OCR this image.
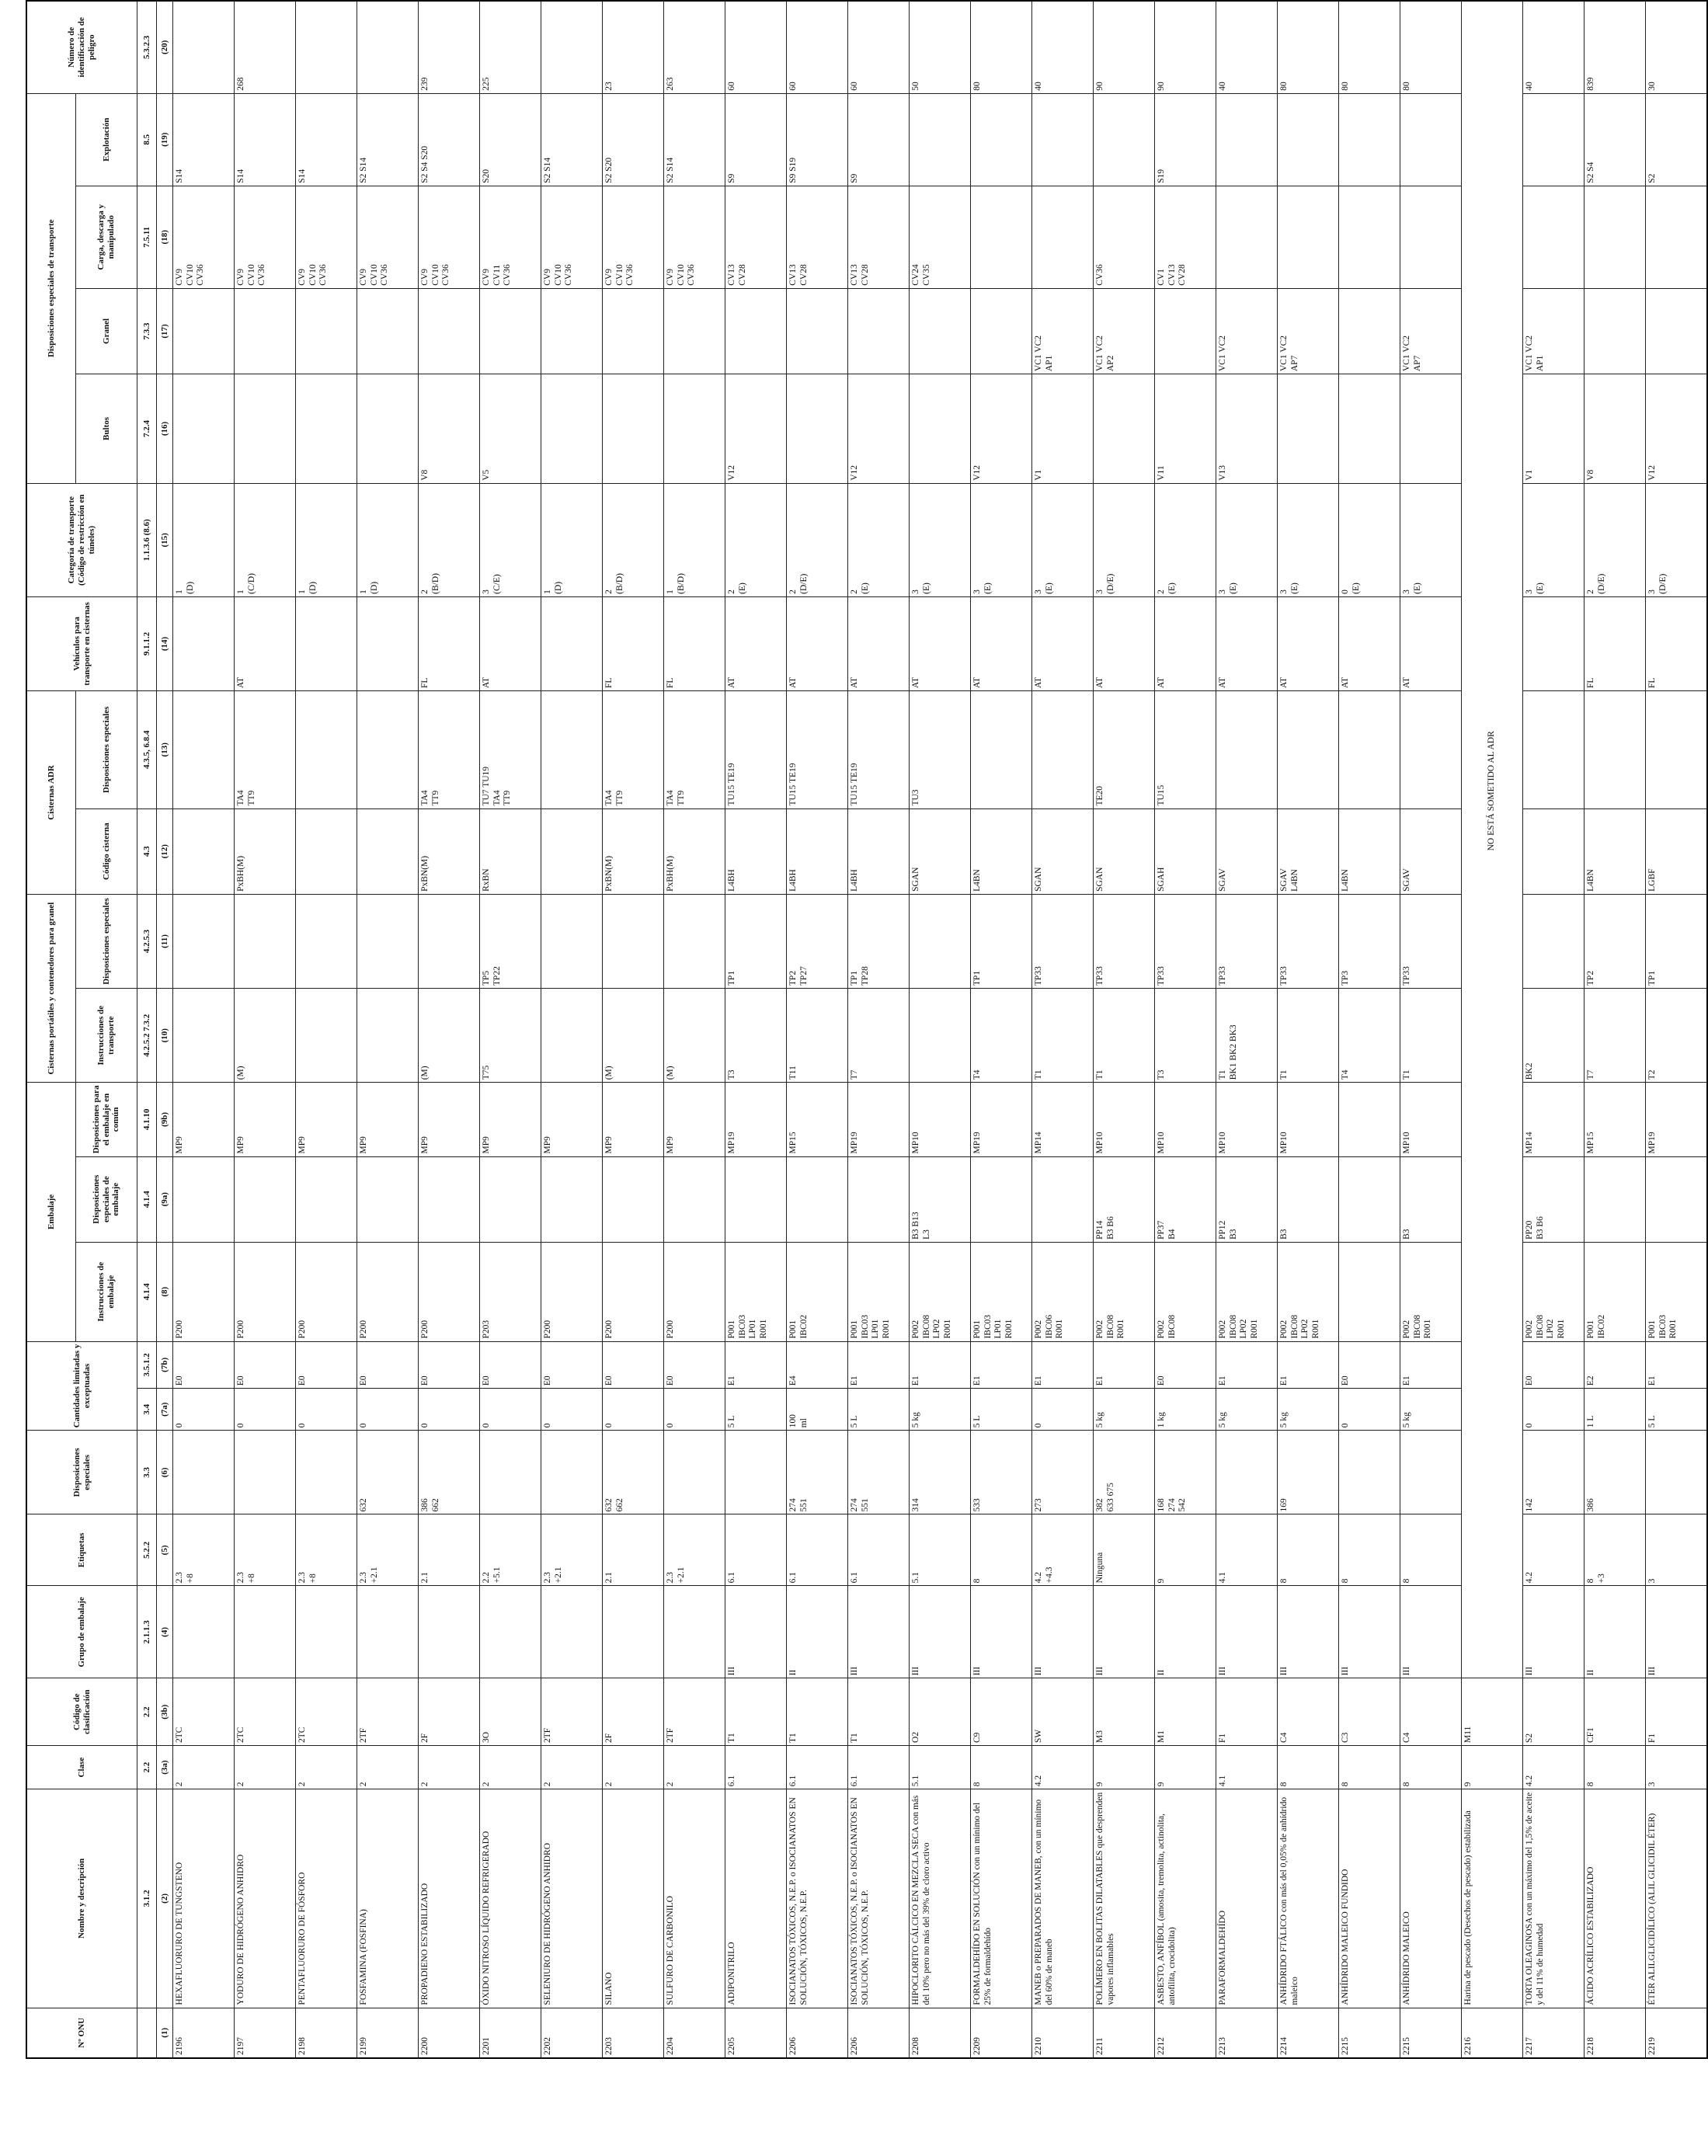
Nº ONU	Nombre y descripción	Clase	Código de clasificación	Grupo de embalaje	Etiquetas	Disposiciones especiales	Cantidades limitadas y exceptuadas		Embalaje			Cisternas portátiles y contenedores para granel		Cisternas ADR		Vehículos para transporte en cisternas	Categoría de transporte (Código de restricción en túneles)	Disposiciones especiales de transporte				Número de identificación de peligro
									Instrucciones de embalaje	Disposiciones especiales de embalaje	Disposiciones para el embalaje en común	Instrucciones de transporte	Disposiciones especiales	Código cisterna	Disposiciones especiales			Bultos	Granel	Carga, descarga y manipulado	Explotación	
	3.1.2	2.2	2.2	2.1.1.3	5.2.2	3.3	3.4	3.5.1.2	4.1.4	4.1.4	4.1.10	4.2.5.2 7.3.2	4.2.5.3	4.3	4.3.5, 6.8.4	9.1.1.2	1.1.3.6 (8.6)	7.2.4	7.3.3	7.5.11	8.5	5.3.2.3
(1)	(2)	(3a)	(3b)	(4)	(5)	(6)	(7a)	(7b)	(8)	(9a)	(9b)	(10)	(11)	(12)	(13)	(14)	(15)	(16)	(17)	(18)	(19)	(20)

2196	HEXAFLUORURO DE TUNGSTENO	2	2TC		2.3 +8		0	E0	P200		MP9						1 (D)			CV9 CV10 CV36	S14	

2197	YODURO DE HIDRÓGENO ANHIDRO	2	2TC		2.3 +8		0	E0	P200		MP9	(M)		PxBH(M)	TA4 TT9	AT	1 (C/D)			CV9 CV10 CV36	S14	268

2198	PENTAFLUORURO DE FÓSFORO	2	2TC		2.3 +8		0	E0	P200		MP9						1 (D)			CV9 CV10 CV36	S14	

2199	FOSFAMINA (FOSFINA)	2	2TF		2.3 +2.1	632	0	E0	P200		MP9						1 (D)			CV9 CV10 CV36	S2 S14	

2200	PROPADIENO ESTABILIZADO	2	2F		2.1	386 662	0	E0	P200		MP9	(M)		PxBN(M)	TA4 TT9	FL	2 (B/D)	V8		CV9 CV10 CV36	S2 S4 S20	239

2201	ÓXIDO NITROSO LÍQUIDO REFRIGERADO	2	3O		2.2 +5.1		0	E0	P203		MP9	T75	TP5 TP22	RxBN	TU7 TU19 TA4 TT9	AT	3 (C/E)	V5		CV9 CV11 CV36	S20	225

2202	SELENIURO DE HIDRÓGENO ANHIDRO	2	2TF		2.3 +2.1		0	E0	P200		MP9						1 (D)			CV9 CV10 CV36	S2 S14	

2203	SILANO	2	2F		2.1	632 662	0	E0	P200		MP9	(M)		PxBN(M)	TA4 TT9	FL	2 (B/D)			CV9 CV10 CV36	S2 S20	23

2204	SULFURO DE CARBONILO	2	2TF		2.3 +2.1		0	E0	P200		MP9	(M)		PxBH(M)	TA4 TT9	FL	1 (B/D)			CV9 CV10 CV36	S2 S14	263

2205	ADIPONITRILO	6.1	T1	III	6.1		5 L	E1	P001 IBC03 LP01 R001		MP19	T3	TP1	L4BH	TU15 TE19	AT	2 (E)	V12		CV13 CV28	S9	60

2206	ISOCIANATOS TÓXICOS, N.E.P. o ISOCIANATOS EN SOLUCIÓN, TÓXICOS, N.E.P.	6.1	T1	II	6.1	274 551	100 ml	E4	P001 IBC02		MP15	T11	TP2 TP27	L4BH	TU15 TE19	AT	2 (D/E)			CV13 CV28	S9 S19	60

2206	ISOCIANATOS TÓXICOS, N.E.P. o ISOCIANATOS EN SOLUCIÓN, TÓXICOS, N.E.P.	6.1	T1	III	6.1	274 551	5 L	E1	P001 IBC03 LP01 R001		MP19	T7	TP1 TP28	L4BH	TU15 TE19	AT	2 (E)	V12		CV13 CV28	S9	60

2208	HIPOCLORITO CÁLCICO EN MEZCLA SECA con más del 10% pero no más del 39% de cloro activo	5.1	O2	III	5.1	314	5 kg	E1	P002 IBC08 LP02 R001	B3 B13 L3	MP10			SGAN	TU3	AT	3 (E)			CV24 CV35		50

2209	FORMALDEHÍDO EN SOLUCIÓN con un mínimo del 25% de formaldehído	8	C9	III	8	533	5 L	E1	P001 IBC03 LP01 R001		MP19	T4	TP1	L4BN		AT	3 (E)	V12				80

2210	MANEB o PREPARADOS DE MANEB, con un mínimo del 60% de maneb	4.2	SW	III	4.2 +4.3	273	0	E1	P002 IBC06 R001		MP14	T1	TP33	SGAN		AT	3 (E)	V1	VC1 VC2 AP1			40

2211	POLÍMERO EN BOLITAS DILATABLES que desprenden vapores inflamables	9	M3	III	Ninguna	382 633 675	5 kg	E1	P002 IBC08 R001	PP14 B3 B6	MP10	T1	TP33	SGAN	TE20	AT	3 (D/E)		VC1 VC2 AP2	CV36		90

2212	ASBESTO, ANFÍBOL (amosita, tremolita, actinolita, antofilita, crocidolita)	9	M1	II	9	168 274 542	1 kg	E0	P002 IBC08	PP37 B4	MP10	T3	TP33	SGAH	TU15	AT	2 (E)	V11		CV1 CV13 CV28	S19	90

2213	PARAFORMALDEHÍDO	4.1	F1	III	4.1		5 kg	E1	P002 IBC08 LP02 R001	PP12 B3	MP10	T1 BK1 BK2 BK3	TP33	SGAV		AT	3 (E)	V13	VC1 VC2			40

2214	ANHÍDRIDO FTÁLICO con más del 0,05% de anhídrido maleico	8	C4	III	8	169	5 kg	E1	P002 IBC08 LP02 R001	B3	MP10	T1	TP33	SGAV L4BN		AT	3 (E)		VC1 VC2 AP7			80

2215	ANHÍDRIDO MALEICO FUNDIDO	8	C3	III	8		0	E0				T4	TP3	L4BN		AT	0 (E)					80

2215	ANHÍDRIDO MALEICO	8	C4	III	8		5 kg	E1	P002 IBC08 R001	B3	MP10	T1	TP33	SGAV		AT	3 (E)		VC1 VC2 AP7			80

2216	Harina de pescado (Desechos de pescado) estabilizada	9	M11	NO ESTÁ SOMETIDO AL ADR																		

2217	TORTA OLEAGINOSA con un máximo del 1,5% de aceite y del 11% de humedad	4.2	S2	III	4.2	142	0	E0	P002 IBC08 LP02 R001	PP20 B3 B6	MP14	BK2					3 (E)	V1	VC1 VC2 AP1			40

2218	ÁCIDO ACRÍLICO ESTABILIZADO	8	CF1	II	8 +3	386	1 L	E2	P001 IBC02		MP15	T7	TP2	L4BN		FL	2 (D/E)	V8			S2 S4	839

2219	ÉTER ALILGLICIDÍLICO (ALIL GLICIDIL ÉTER)	3	F1	III	3		5 L	E1	P001 IBC03 R001		MP19	T2	TP1	LGBF		FL	3 (D/E)	V12			S2	30
